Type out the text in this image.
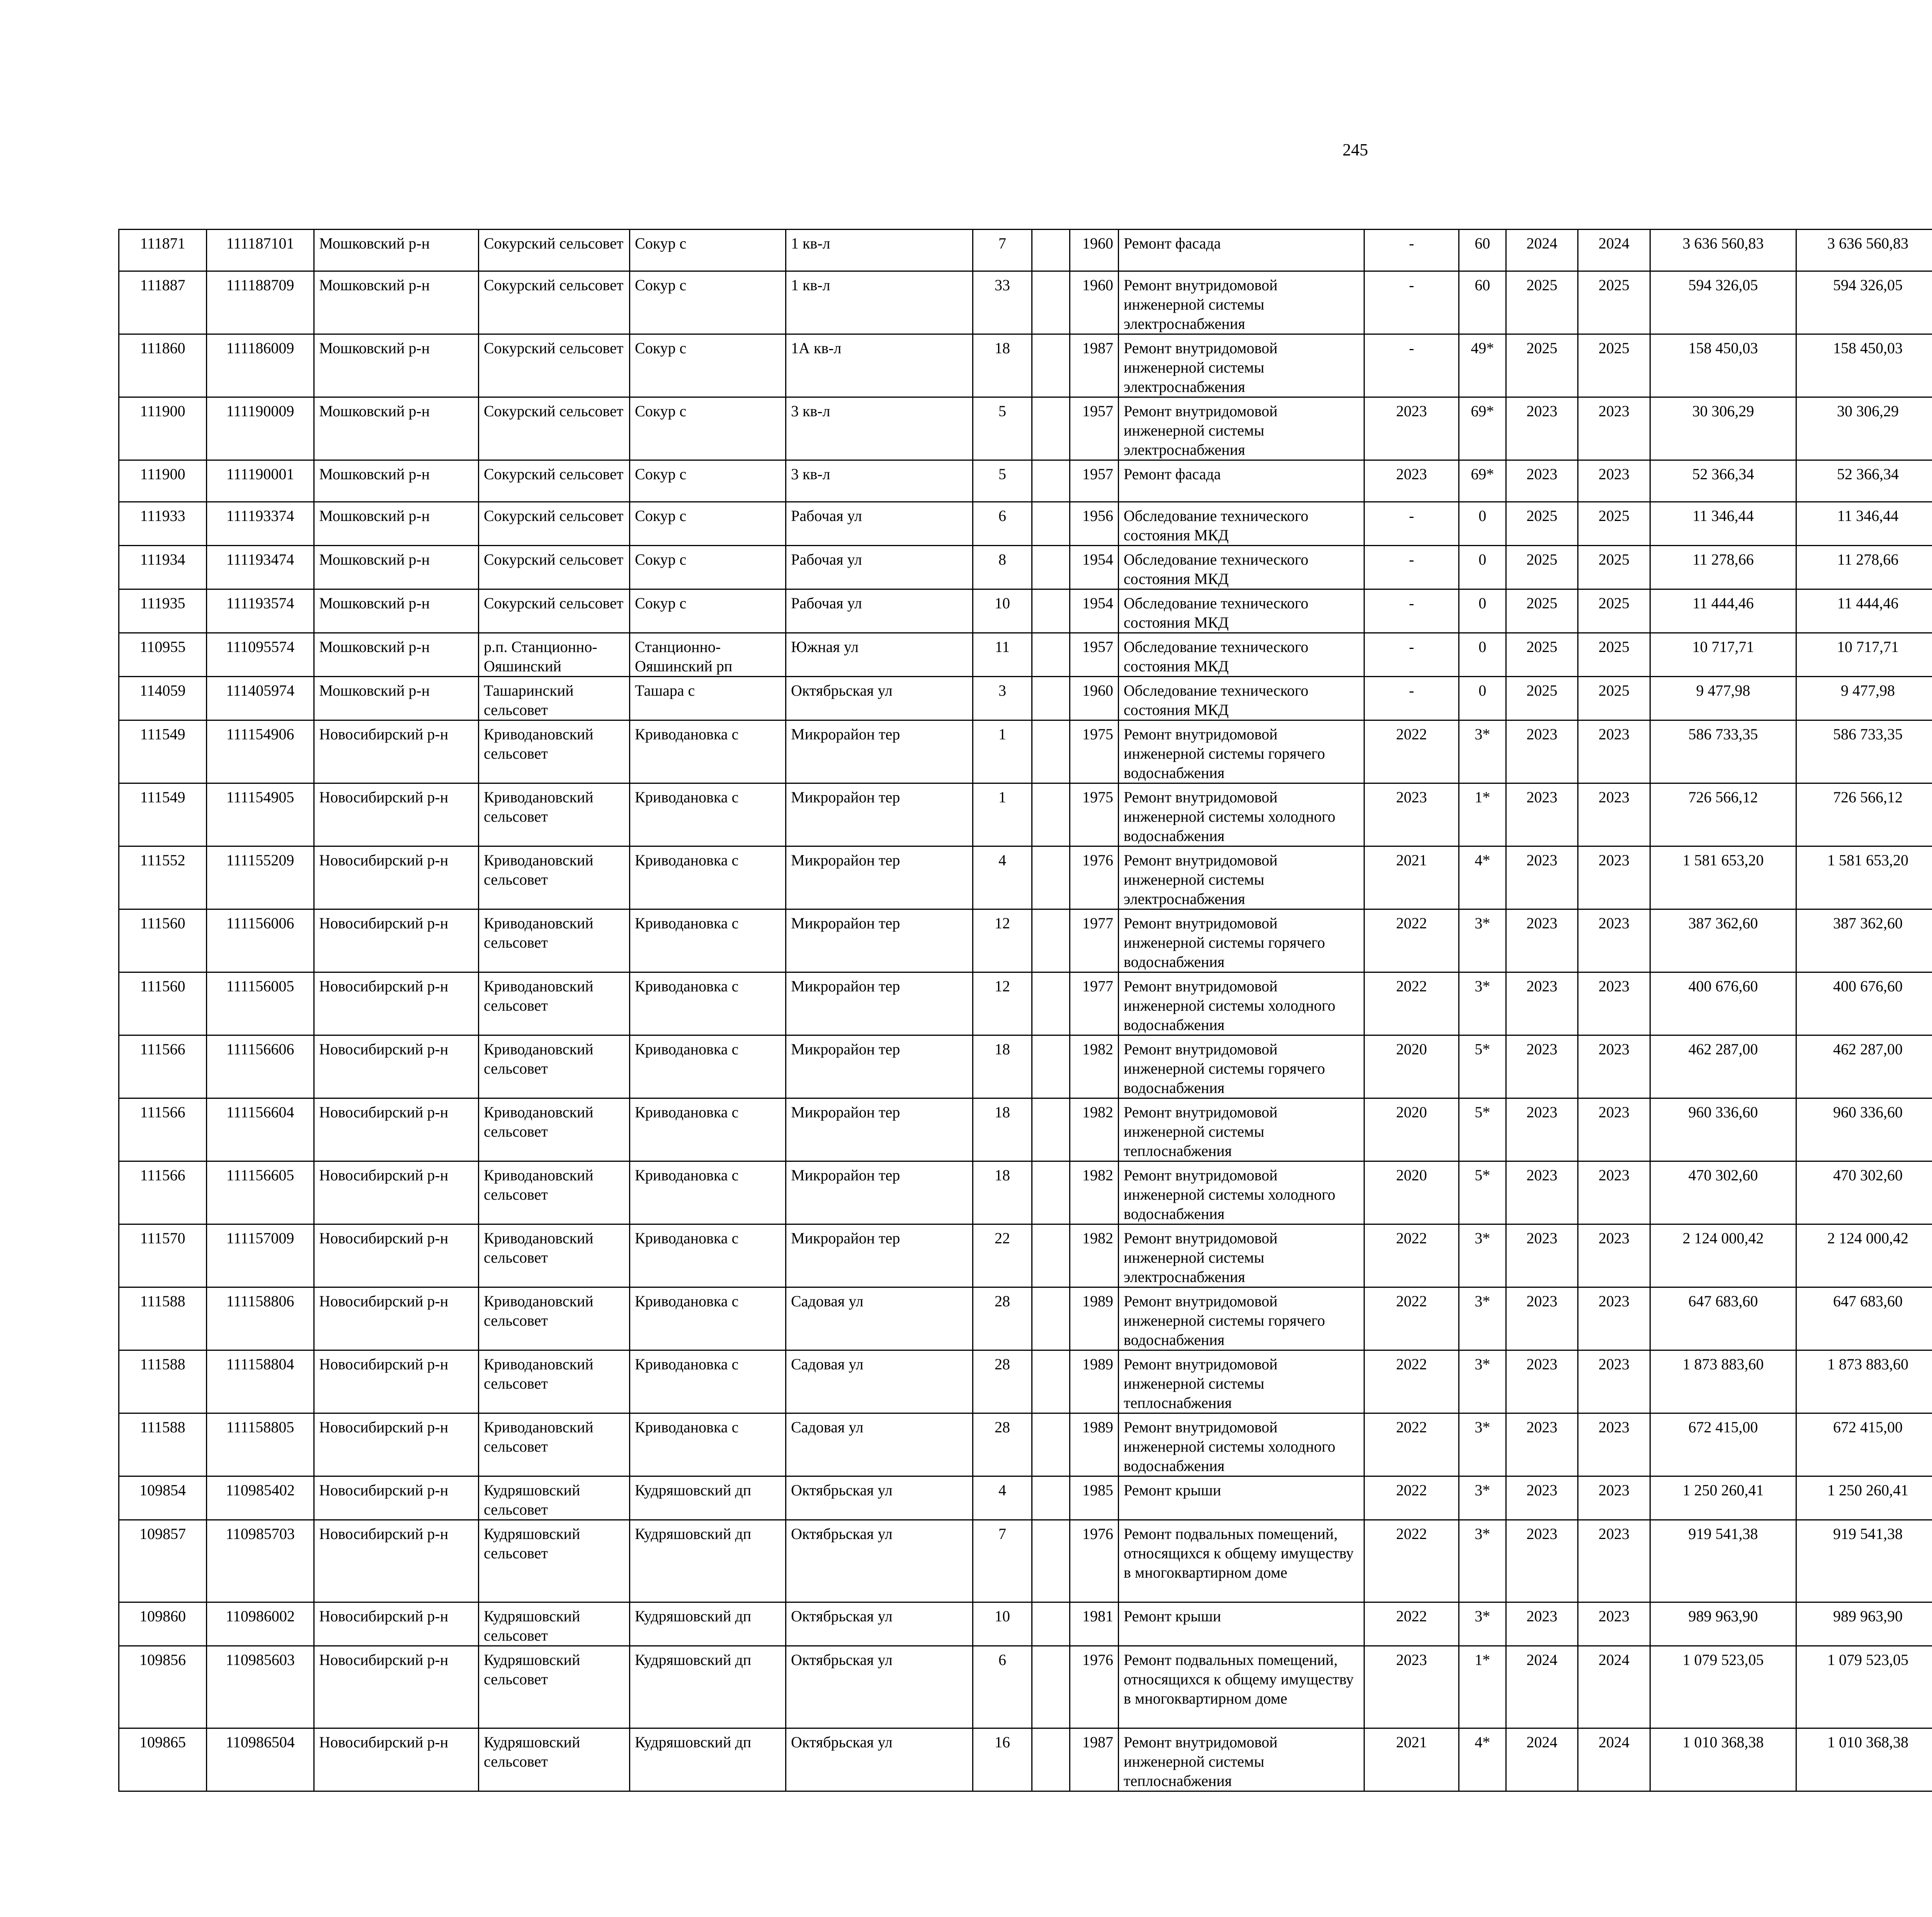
245
111871	111187101	Мошковский р-н	Сокурский сельсовет	Сокур с	1 кв-л	7		1960	Ремонт фасада	-	60	2024	2024	3 636 560,83	3 636 560,83						
111887	111188709	Мошковский р-н	Сокурский сельсовет	Сокур с	1 кв-л	33		1960	Ремонт внутридомовой инженерной системы электроснабжения	-	60	2025	2025	594 326,05	594 326,05						
111860	111186009	Мошковский р-н	Сокурский сельсовет	Сокур с	1А кв-л	18		1987	Ремонт внутридомовой инженерной системы электроснабжения	-	49*	2025	2025	158 450,03	158 450,03						
111900	111190009	Мошковский р-н	Сокурский сельсовет	Сокур с	3 кв-л	5		1957	Ремонт внутридомовой инженерной системы электроснабжения	2023	69*	2023	2023	30 306,29	30 306,29						
111900	111190001	Мошковский р-н	Сокурский сельсовет	Сокур с	3 кв-л	5		1957	Ремонт фасада	2023	69*	2023	2023	52 366,34	52 366,34						
111933	111193374	Мошковский р-н	Сокурский сельсовет	Сокур с	Рабочая ул	6		1956	Обследование технического состояния МКД	-	0	2025	2025	11 346,44	11 346,44						
111934	111193474	Мошковский р-н	Сокурский сельсовет	Сокур с	Рабочая ул	8		1954	Обследование технического состояния МКД	-	0	2025	2025	11 278,66	11 278,66						
111935	111193574	Мошковский р-н	Сокурский сельсовет	Сокур с	Рабочая ул	10		1954	Обследование технического состояния МКД	-	0	2025	2025	11 444,46	11 444,46						
110955	111095574	Мошковский р-н	р.п. Станционно-Ояшинский	Станционно-Ояшинский рп	Южная ул	11		1957	Обследование технического состояния МКД	-	0	2025	2025	10 717,71	10 717,71						
114059	111405974	Мошковский р-н	Ташаринский сельсовет	Ташара с	Октябрьская ул	3		1960	Обследование технического состояния МКД	-	0	2025	2025	9 477,98	9 477,98						
111549	111154906	Новосибирский р-н	Криводановский сельсовет	Криводановка с	Микрорайон тер	1		1975	Ремонт внутридомовой инженерной системы горячего водоснабжения	2022	3*	2023	2023	586 733,35	586 733,35						
111549	111154905	Новосибирский р-н	Криводановский сельсовет	Криводановка с	Микрорайон тер	1		1975	Ремонт внутридомовой инженерной системы холодного водоснабжения	2023	1*	2023	2023	726 566,12	726 566,12						
111552	111155209	Новосибирский р-н	Криводановский сельсовет	Криводановка с	Микрорайон тер	4		1976	Ремонт внутридомовой инженерной системы электроснабжения	2021	4*	2023	2023	1 581 653,20	1 581 653,20						
111560	111156006	Новосибирский р-н	Криводановский сельсовет	Криводановка с	Микрорайон тер	12		1977	Ремонт внутридомовой инженерной системы горячего водоснабжения	2022	3*	2023	2023	387 362,60	387 362,60						
111560	111156005	Новосибирский р-н	Криводановский сельсовет	Криводановка с	Микрорайон тер	12		1977	Ремонт внутридомовой инженерной системы холодного водоснабжения	2022	3*	2023	2023	400 676,60	400 676,60						
111566	111156606	Новосибирский р-н	Криводановский сельсовет	Криводановка с	Микрорайон тер	18		1982	Ремонт внутридомовой инженерной системы горячего водоснабжения	2020	5*	2023	2023	462 287,00	462 287,00						
111566	111156604	Новосибирский р-н	Криводановский сельсовет	Криводановка с	Микрорайон тер	18		1982	Ремонт внутридомовой инженерной системы теплоснабжения	2020	5*	2023	2023	960 336,60	960 336,60						
111566	111156605	Новосибирский р-н	Криводановский сельсовет	Криводановка с	Микрорайон тер	18		1982	Ремонт внутридомовой инженерной системы холодного водоснабжения	2020	5*	2023	2023	470 302,60	470 302,60						
111570	111157009	Новосибирский р-н	Криводановский сельсовет	Криводановка с	Микрорайон тер	22		1982	Ремонт внутридомовой инженерной системы электроснабжения	2022	3*	2023	2023	2 124 000,42	2 124 000,42						
111588	111158806	Новосибирский р-н	Криводановский сельсовет	Криводановка с	Садовая ул	28		1989	Ремонт внутридомовой инженерной системы горячего водоснабжения	2022	3*	2023	2023	647 683,60	647 683,60						
111588	111158804	Новосибирский р-н	Криводановский сельсовет	Криводановка с	Садовая ул	28		1989	Ремонт внутридомовой инженерной системы теплоснабжения	2022	3*	2023	2023	1 873 883,60	1 873 883,60						
111588	111158805	Новосибирский р-н	Криводановский сельсовет	Криводановка с	Садовая ул	28		1989	Ремонт внутридомовой инженерной системы холодного водоснабжения	2022	3*	2023	2023	672 415,00	672 415,00						
109854	110985402	Новосибирский р-н	Кудряшовский сельсовет	Кудряшовский дп	Октябрьская ул	4		1985	Ремонт крыши	2022	3*	2023	2023	1 250 260,41	1 250 260,41						
109857	110985703	Новосибирский р-н	Кудряшовский сельсовет	Кудряшовский дп	Октябрьская ул	7		1976	Ремонт подвальных помещений, относящихся к общему имуществу в многоквартирном доме	2022	3*	2023	2023	919 541,38	919 541,38						
109860	110986002	Новосибирский р-н	Кудряшовский сельсовет	Кудряшовский дп	Октябрьская ул	10		1981	Ремонт крыши	2022	3*	2023	2023	989 963,90	989 963,90						
109856	110985603	Новосибирский р-н	Кудряшовский сельсовет	Кудряшовский дп	Октябрьская ул	6		1976	Ремонт подвальных помещений, относящихся к общему имуществу в многоквартирном доме	2023	1*	2024	2024	1 079 523,05	1 079 523,05						
109865	110986504	Новосибирский р-н	Кудряшовский сельсовет	Кудряшовский дп	Октябрьская ул	16		1987	Ремонт внутридомовой инженерной системы теплоснабжения	2021	4*	2024	2024	1 010 368,38	1 010 368,38						
